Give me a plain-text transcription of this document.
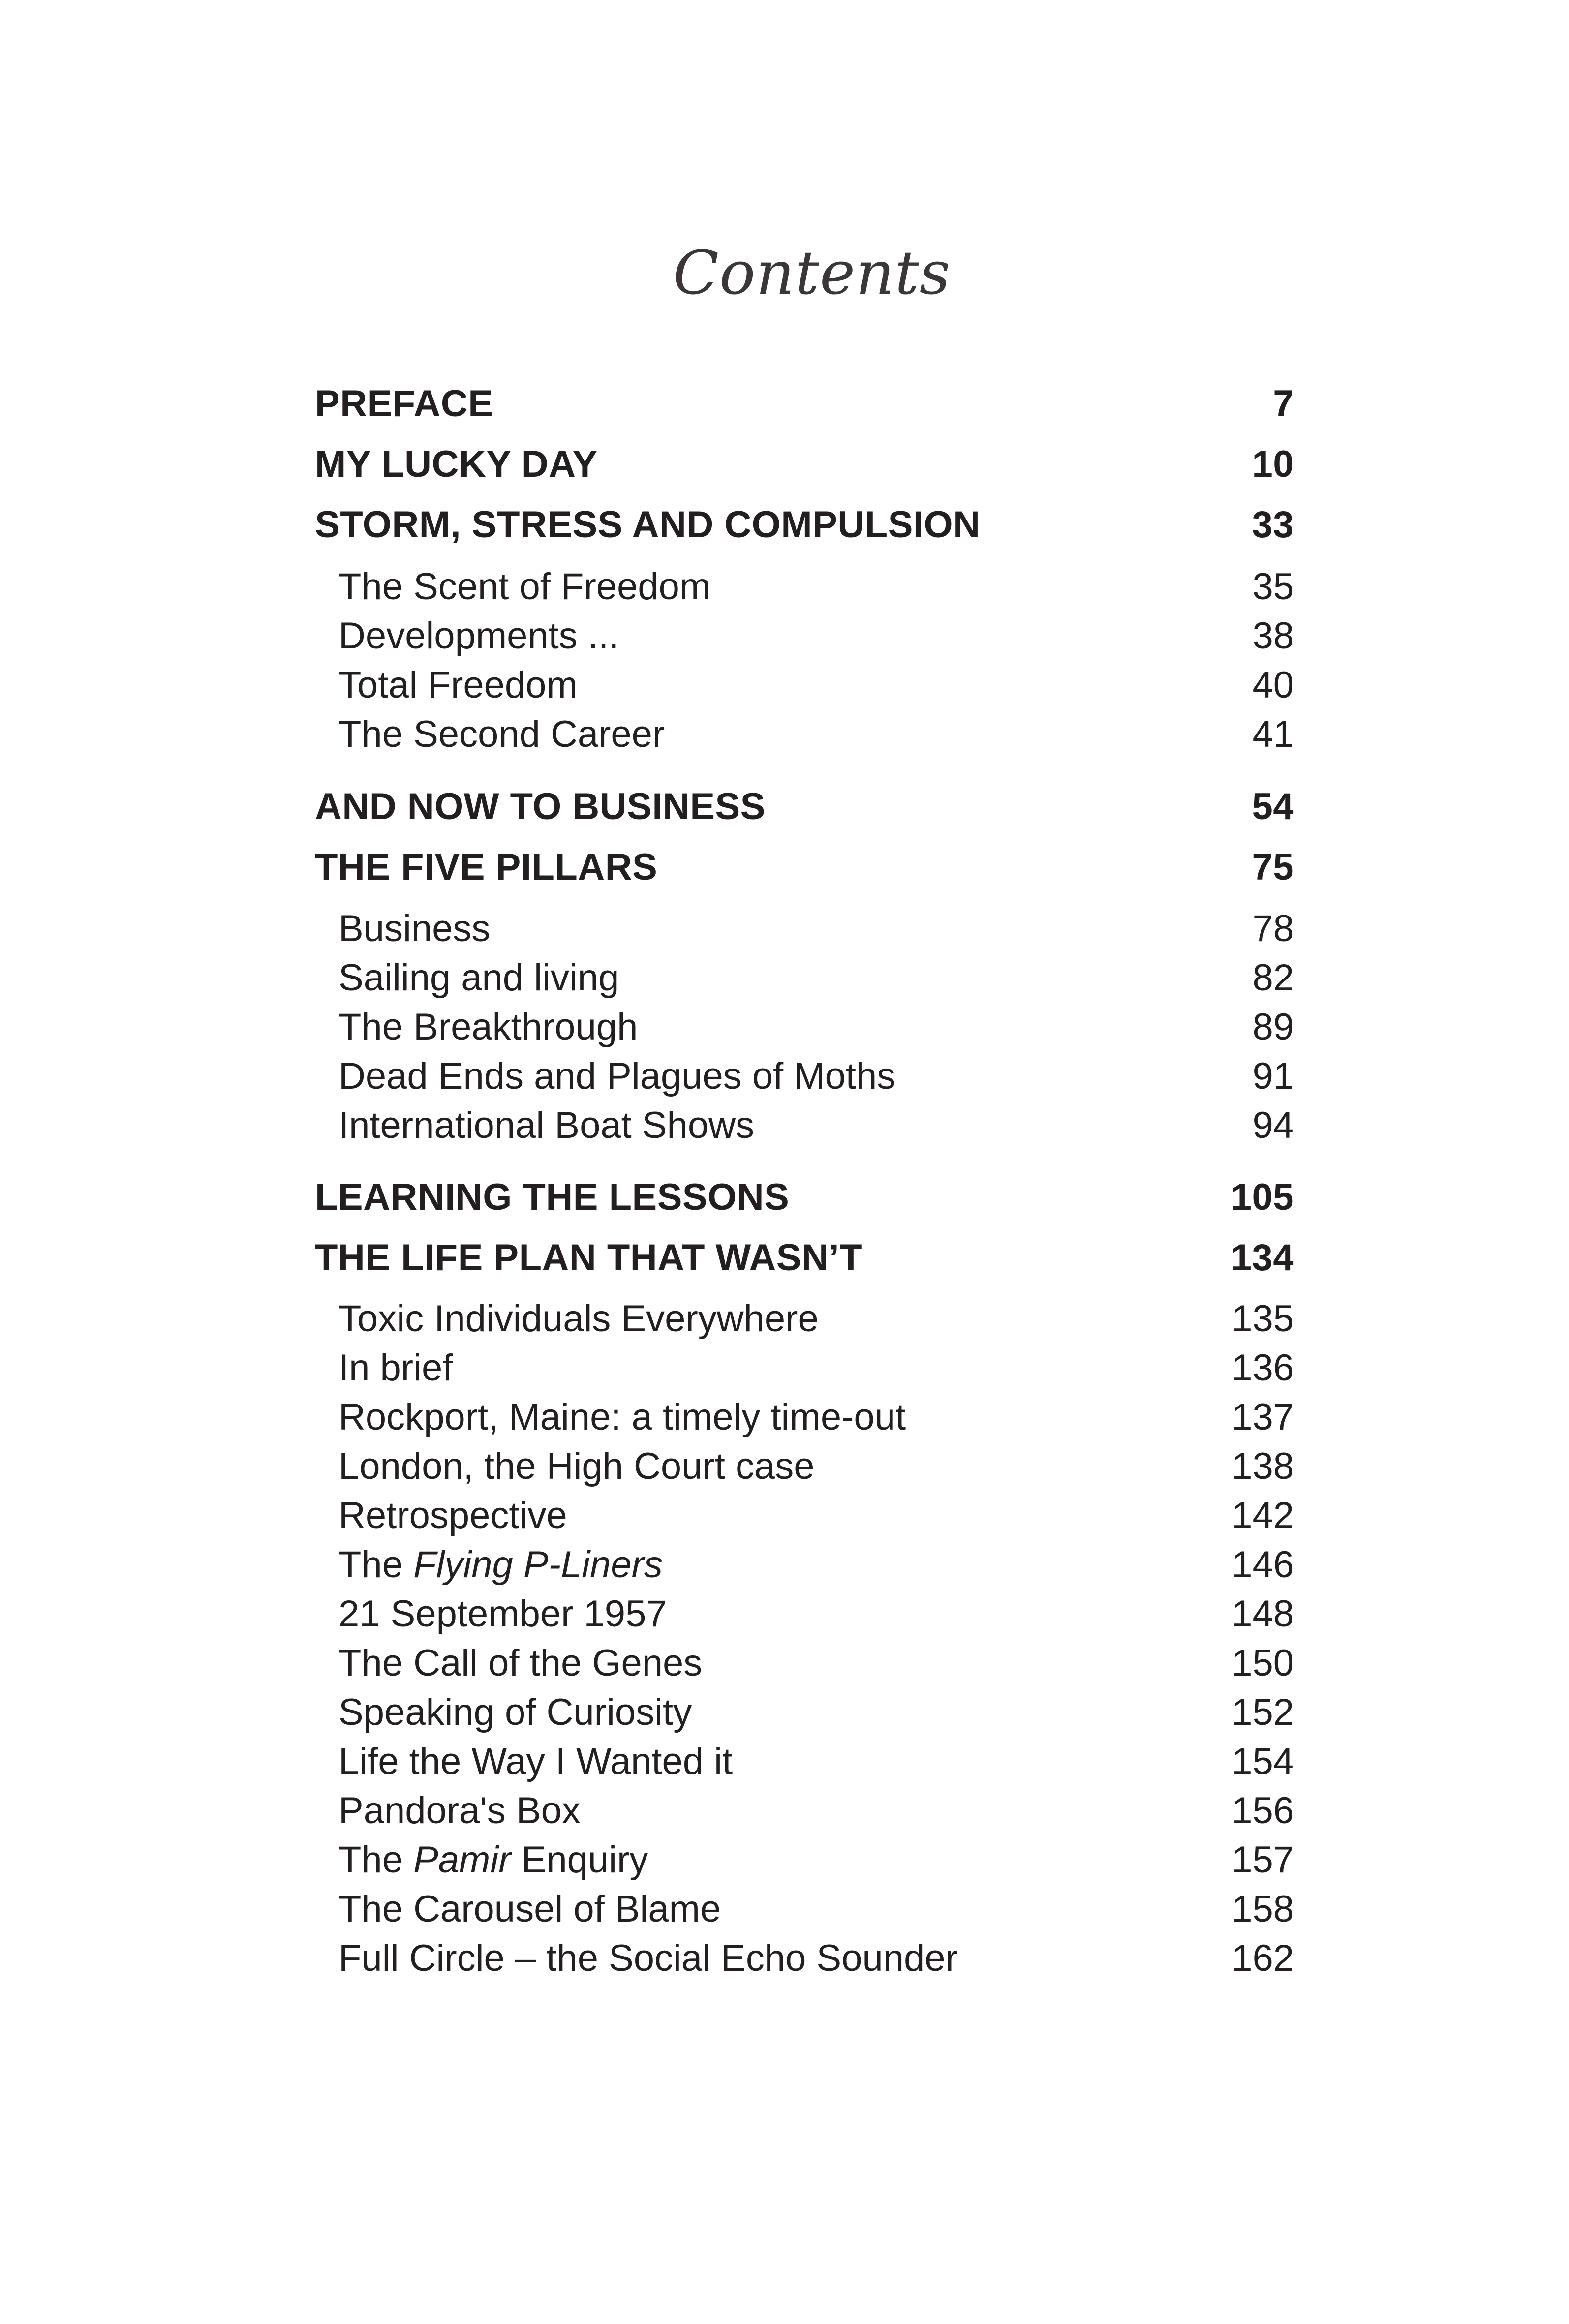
Contents
PREFACE	7
MY LUCKY DAY	10
STORM, STRESS AND COMPULSION	33
The Scent of Freedom	35
Developments ...	38
Total Freedom	40
The Second Career	41
AND NOW TO BUSINESS	54
THE FIVE PILLARS	75
Business	78
Sailing and living	82
The Breakthrough	89
Dead Ends and Plagues of Moths	91
International Boat Shows	94
LEARNING THE LESSONS	105
THE LIFE PLAN THAT WASN’T	134
Toxic Individuals Everywhere	135
In brief	136
Rockport, Maine: a timely time-out	137
London, the High Court case	138
Retrospective	142
The Flying P-Liners	146
21 September 1957	148
The Call of the Genes	150
Speaking of Curiosity	152
Life the Way I Wanted it	154
Pandora's Box	156
The Pamir Enquiry	157
The Carousel of Blame	158
Full Circle – the Social Echo Sounder	162
